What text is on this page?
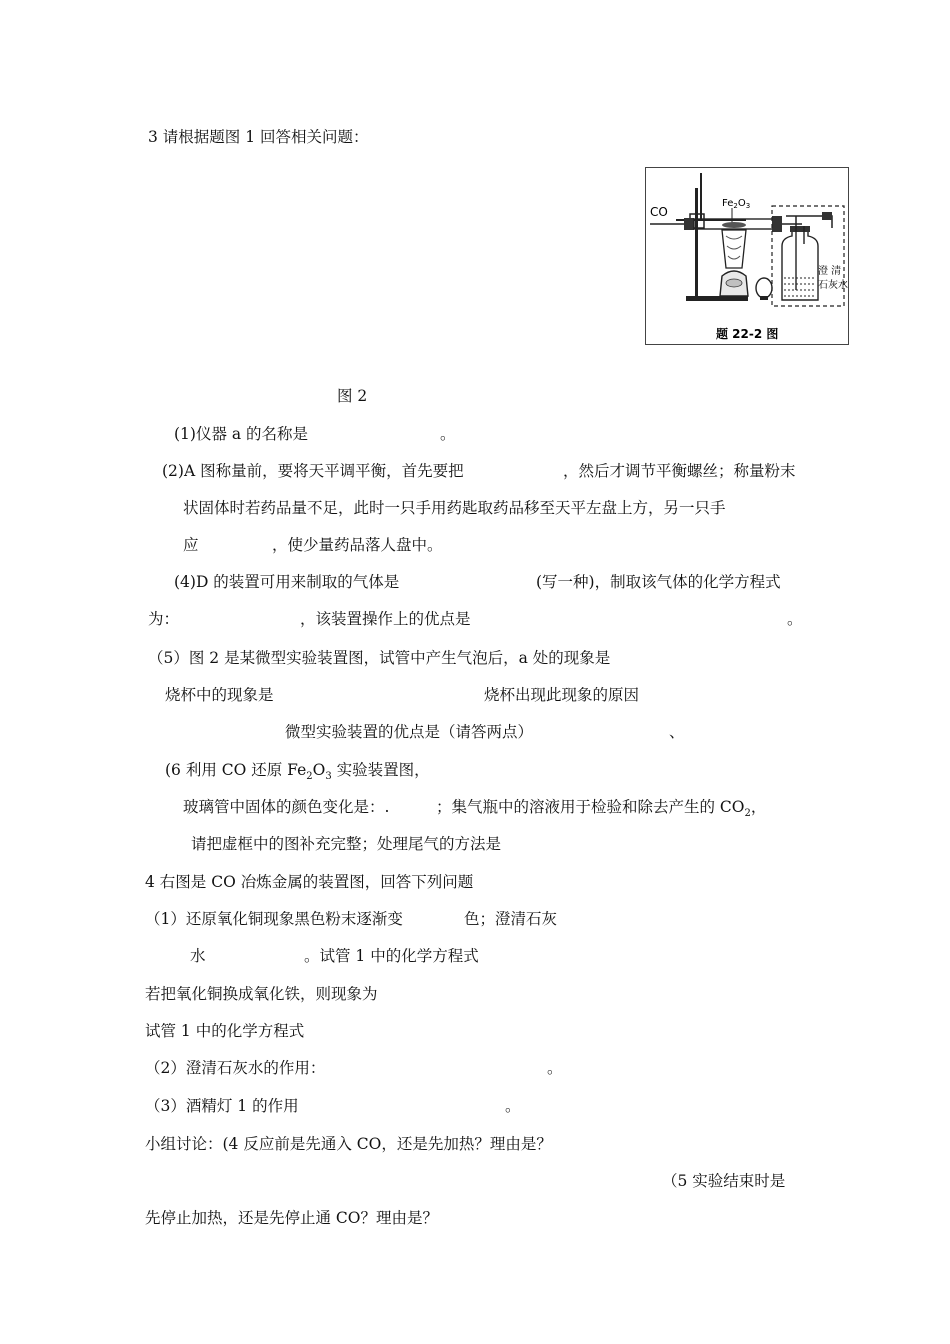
3 请根据题图 1 回答相关问题：
CO
$Fe_2O_3$
澄 清
石灰水
题 22-2 图
图 2
(1)仪器 a 的名称是	。
(2)A 图称量前，要将天平调平衡，首先要把	，然后才调节平衡螺丝；称量粉末
状固体时若药品量不足，此时一只手用药匙取药品移至天平左盘上方，另一只手
应	，使少量药品落人盘中。
(4)D 的装置可用来制取的气体是	(写一种)，制取该气体的化学方程式
为：	，该装置操作上的优点是	。
（5）图 2 是某微型实验装置图，试管中产生气泡后，a 处的现象是
烧杯中的现象是	烧杯出现此现象的原因
微型实验装置的优点是（请答两点）	、
(6 利用 CO 还原 $Fe_2O_3$ 实验装置图，
玻璃管中固体的颜色变化是：.	；集气瓶中的溶液用于检验和除去产生的 $CO_2$，
请把虚框中的图补充完整；处理尾气的方法是
4 右图是 CO 冶炼金属的装置图，回答下列问题
（1）还原氧化铜现象黑色粉末逐渐变	色；澄清石灰
水	。试管 1 中的化学方程式
若把氧化铜换成氧化铁，则现象为
试管 1 中的化学方程式
（2）澄清石灰水的作用：	。
（3）酒精灯 1 的作用	。
小组讨论：(4 反应前是先通入 CO，还是先加热？理由是？
（5 实验结束时是
先停止加热，还是先停止通 CO？理由是？
